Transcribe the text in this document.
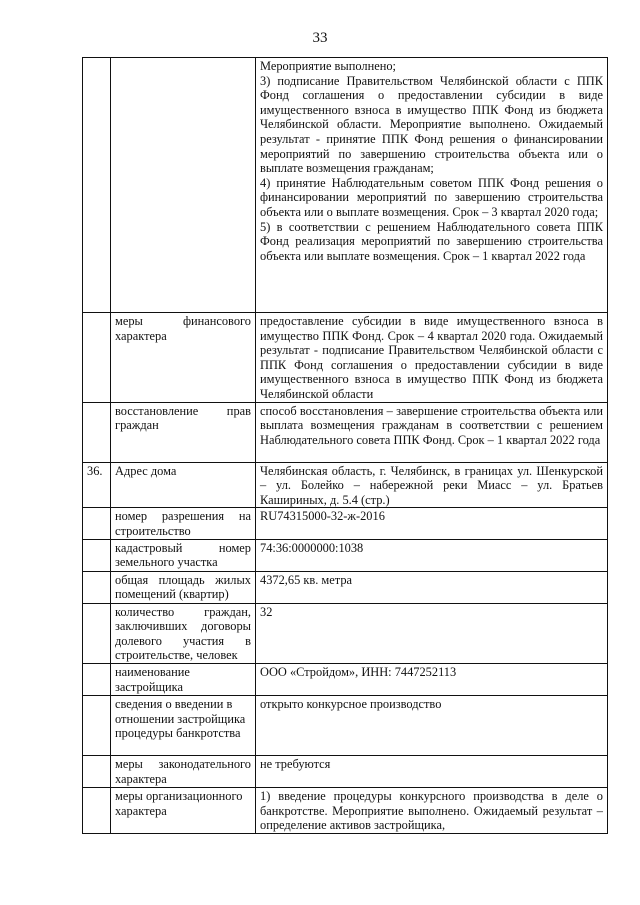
33

		Мероприятие выполнено;
3) подписание Правительством Челябинской области с ППК Фонд соглашения о предоставлении субсидии в виде имущественного взноса в имущество ППК Фонд из бюджета Челябинской области. Мероприятие выполнено. Ожидаемый результат - принятие ППК Фонд решения о финансировании мероприятий по завершению строительства объекта или о выплате возмещения гражданам;
4) принятие Наблюдательным советом ППК Фонд решения о финансировании мероприятий по завершению строительства объекта или о выплате возмещения. Срок – 3 квартал 2020 года;
5) в соответствии с решением Наблюдательного совета ППК Фонд реализация мероприятий по завершению строительства объекта или выплате возмещения. Срок – 1 квартал 2022 года

	меры финансового характера	предоставление субсидии в виде имущественного взноса в имущество ППК Фонд. Срок – 4 квартал 2020 года. Ожидаемый результат - подписание Правительством Челябинской области с ППК Фонд соглашения о предоставлении субсидии в виде имущественного взноса в имущество ППК Фонд из бюджета Челябинской области

	восстановление прав граждан	способ восстановления – завершение строительства объекта или выплата возмещения гражданам в соответствии с решением Наблюдательного совета ППК Фонд. Срок – 1 квартал 2022 года

36.	Адрес дома	Челябинская область, г. Челябинск, в границах ул. Шенкурской – ул. Болейко – набережной реки Миасс – ул. Братьев Кашириных, д. 5.4 (стр.)

	номер разрешения на строительство	RU74315000-32-ж-2016

	кадастровый номер земельного участка	74:36:0000000:1038

	общая площадь жилых помещений (квартир)	4372,65 кв. метра

	количество граждан, заключивших договоры долевого участия в строительстве, человек	32

	наименование застройщика	ООО «Стройдом», ИНН: 7447252113

	сведения о введении в отношении застройщика процедуры банкротства	открыто конкурсное производство

	меры законодательного характера	не требуются

	меры организационного характера	1) введение процедуры конкурсного производства в деле о банкротстве. Мероприятие выполнено. Ожидаемый результат – определение активов застройщика,
